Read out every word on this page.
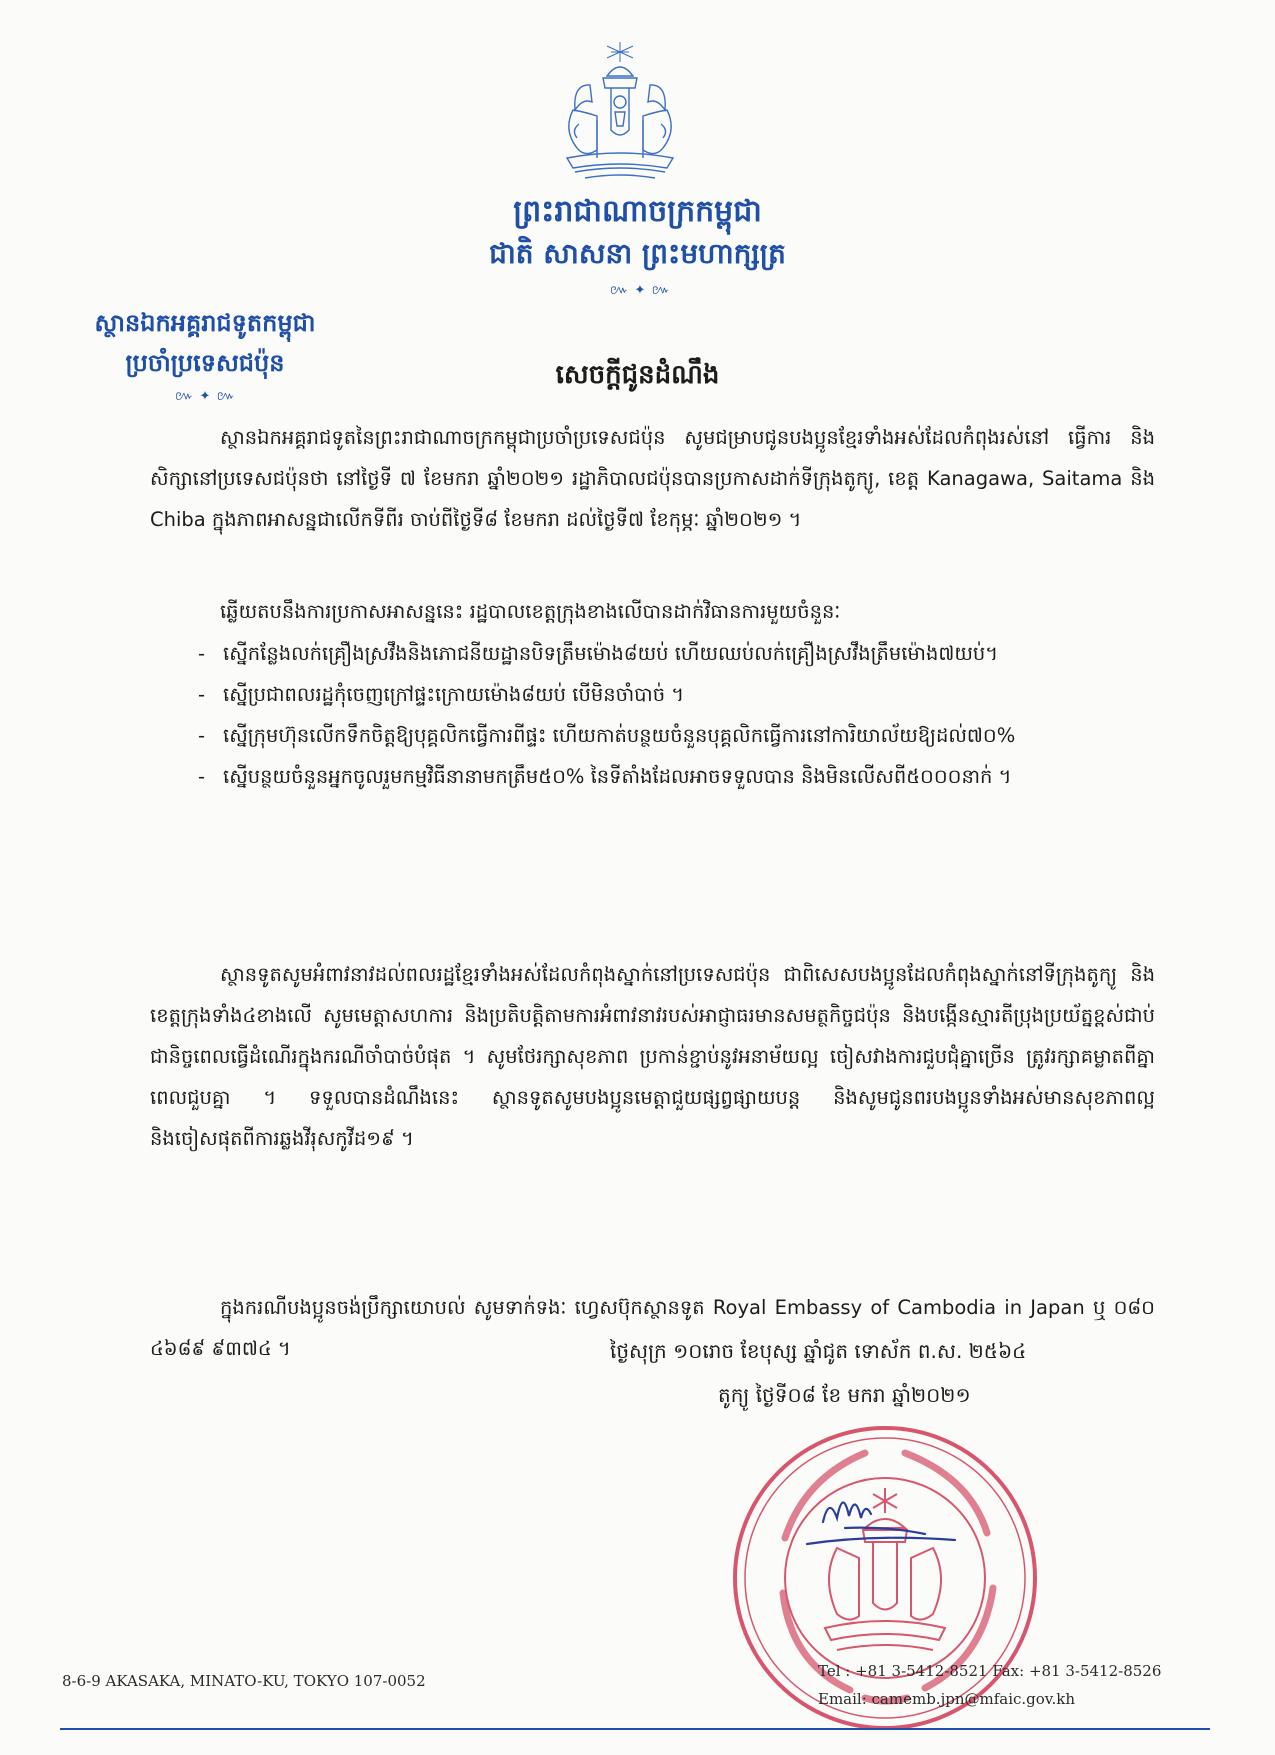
ព្រះរាជាណាចក្រកម្ពុជា
ជាតិ សាសនា ព្រះមហាក្សត្រ
៚ ✦ ៚
ស្ថានឯកអគ្គរាជទូតកម្ពុជា
ប្រចាំប្រទេសជប៉ុន
៚ ✦ ៚
សេចក្តីជូនដំណឹង
ស្ថានឯកអគ្គរាជទូតនៃព្រះរាជាណាចក្រកម្ពុជាប្រចាំប្រទេសជប៉ុន សូមជម្រាបជូនបងប្អូនខ្មែរទាំងអស់ដែលកំពុងរស់នៅ ធ្វើការ និងសិក្សានៅប្រទេសជប៉ុនថា នៅថ្ងៃទី ៧ ខែមករា ឆ្នាំ២០២១ រដ្ឋាភិបាលជប៉ុនបានប្រកាសដាក់ទីក្រុងតូក្យូ, ខេត្ត Kanagawa, Saitama និង Chiba ក្នុងភាពអាសន្នជាលើកទីពីរ ចាប់ពីថ្ងៃទី៨ ខែមករា ដល់ថ្ងៃទី៧ ខែកុម្ភៈ ឆ្នាំ២០២១ ។
ឆ្លើយតបនឹងការប្រកាសអាសន្ននេះ រដ្ឋបាលខេត្តក្រុងខាងលើបានដាក់វិធានការមួយចំនួនៈ
- ស្នើកន្លែងលក់គ្រឿងស្រវឹងនិងភោជនីយដ្ឋានបិទត្រឹមម៉ោង៨យប់ ហើយឈប់លក់គ្រឿងស្រវឹងត្រឹមម៉ោង៧យប់។
- ស្នើប្រជាពលរដ្ឋកុំចេញក្រៅផ្ទះក្រោយម៉ោង៨យប់ បើមិនចាំបាច់ ។
- ស្នើក្រុមហ៊ុនលើកទឹកចិត្តឱ្យបុគ្គលិកធ្វើការពីផ្ទះ ហើយកាត់បន្ថយចំនួនបុគ្គលិកធ្វើការនៅការិយាល័យឱ្យដល់៧០%
- ស្នើបន្ថយចំនួនអ្នកចូលរួមកម្មវិធីនានាមកត្រឹម៥០% នៃទីតាំងដែលអាចទទួលបាន និងមិនលើសពី៥០០០នាក់ ។
ស្ថានទូតសូមអំពាវនាវដល់ពលរដ្ឋខ្មែរទាំងអស់ដែលកំពុងស្នាក់នៅប្រទេសជប៉ុន ជាពិសេសបងប្អូនដែលកំពុងស្នាក់នៅទីក្រុងតូក្យូ និងខេត្តក្រុងទាំង៤ខាងលើ សូមមេត្តាសហការ និងប្រតិបត្តិតាមការអំពាវនាវរបស់អាជ្ញាធរមានសមត្ថកិច្ចជប៉ុន និងបង្កើនស្មារតីប្រុងប្រយ័ត្នខ្ពស់ជាប់ជានិច្ចពេលធ្វើដំណើរក្នុងករណីចាំបាច់បំផុត ។ សូមថែរក្សាសុខភាព ប្រកាន់ខ្ជាប់នូវអនាម័យល្អ ចៀសវាងការជួបជុំគ្នាច្រើន ត្រូវរក្សាគម្លាតពីគ្នាពេលជួបគ្នា ។ ទទួលបានដំណឹងនេះ ស្ថានទូតសូមបងប្អូនមេត្តាជួយផ្សព្វផ្សាយបន្ត និងសូមជូនពរបងប្អូនទាំងអស់មានសុខភាពល្អ និងចៀសផុតពីការឆ្លងវីរុសកូវីដ១៩ ។
ក្នុងករណីបងប្អូនចង់ប្រឹក្សាយោបល់ សូមទាក់ទងៈ ហ្វេសប៊ុកស្ថានទូត Royal Embassy of Cambodia in Japan ឬ ០៨០ ៤៦៨៩ ៩៣៧៤ ។	ថ្ងៃសុក្រ ១០រោច ខែបុស្ស ឆ្នាំជូត ទោស័ក ព.ស. ២៥៦៤
តូក្យូ ថ្ងៃទី០៨ ខែ មករា ឆ្នាំ២០២១
8-6-9 AKASAKA, MINATO-KU, TOKYO 107-0052
Tel : +81 3-5412-8521 Fax: +81 3-5412-8526
Email: camemb.jpn@mfaic.gov.kh
